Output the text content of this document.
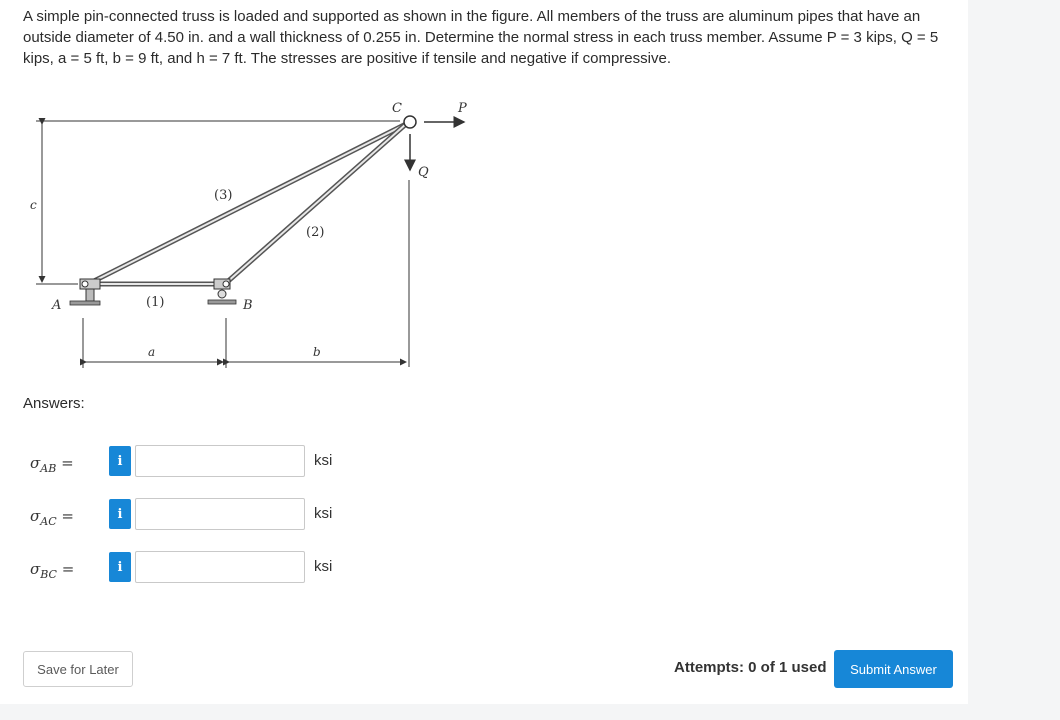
A simple pin-connected truss is loaded and supported as shown in the figure. All members of the truss are aluminum pipes that have an outside diameter of 4.50 in. and a wall thickness of 0.255 in. Determine the normal stress in each truss member. Assume P = 3 kips, Q = 5 kips, a = 5 ft, b = 9 ft, and h = 7 ft. The stresses are positive if tensile and negative if compressive.
C	P
Q
(3)
(2)
(1)
c
A	B
a	b
Answers:
$\sigma_{AB}$ =	i	ksi
$\sigma_{AC}$ =	i	ksi
$\sigma_{BC}$ =	i	ksi
Save for Later	Attempts: 0 of 1 used	Submit Answer
